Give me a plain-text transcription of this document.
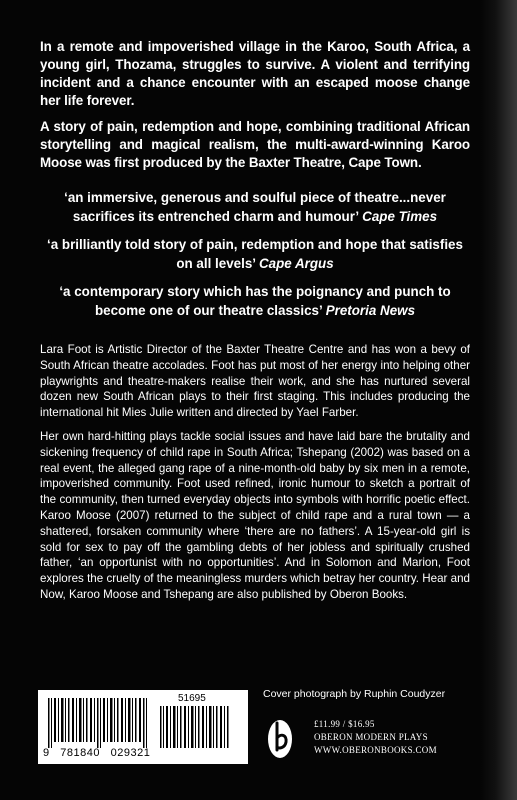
In a remote and impoverished village in the Karoo, South Africa, a young girl, Thozama, struggles to survive. A violent and terrifying incident and a chance encounter with an escaped moose change her life forever.

A story of pain, redemption and hope, combining traditional African storytelling and magical realism, the multi-award-winning Karoo Moose was first produced by the Baxter Theatre, Cape Town.

‘an immersive, generous and soulful piece of theatre...never sacrifices its entrenched charm and humour’ Cape Times

‘a brilliantly told story of pain, redemption and hope that satisfies on all levels’ Cape Argus

‘a contemporary story which has the poignancy and punch to become one of our theatre classics’ Pretoria News

Lara Foot is Artistic Director of the Baxter Theatre Centre and has won a bevy of South African theatre accolades. Foot has put most of her energy into helping other playwrights and theatre-makers realise their work, and she has nurtured several dozen new South African plays to their first staging. This includes producing the international hit Mies Julie written and directed by Yael Farber.

Her own hard-hitting plays tackle social issues and have laid bare the brutality and sickening frequency of child rape in South Africa; Tshepang (2002) was based on a real event, the alleged gang rape of a nine-month-old baby by six men in a remote, impoverished community. Foot used refined, ironic humour to sketch a portrait of the community, then turned everyday objects into symbols with horrific poetic effect. Karoo Moose (2007) returned to the subject of child rape and a rural town — a shattered, forsaken community where ‘there are no fathers’. A 15-year-old girl is sold for sex to pay off the gambling debts of her jobless and spiritually crushed father, ‘an opportunist with no opportunities’. And in Solomon and Marion, Foot explores the cruelty of the meaningless murders which betray her country. Hear and Now, Karoo Moose and Tshepang are also published by Oberon Books.

51695
9   781840   029321
Cover photograph by Ruphin Coudyzer
£11.99 / $16.95
OBERON MODERN PLAYS
WWW.OBERONBOOKS.COM
